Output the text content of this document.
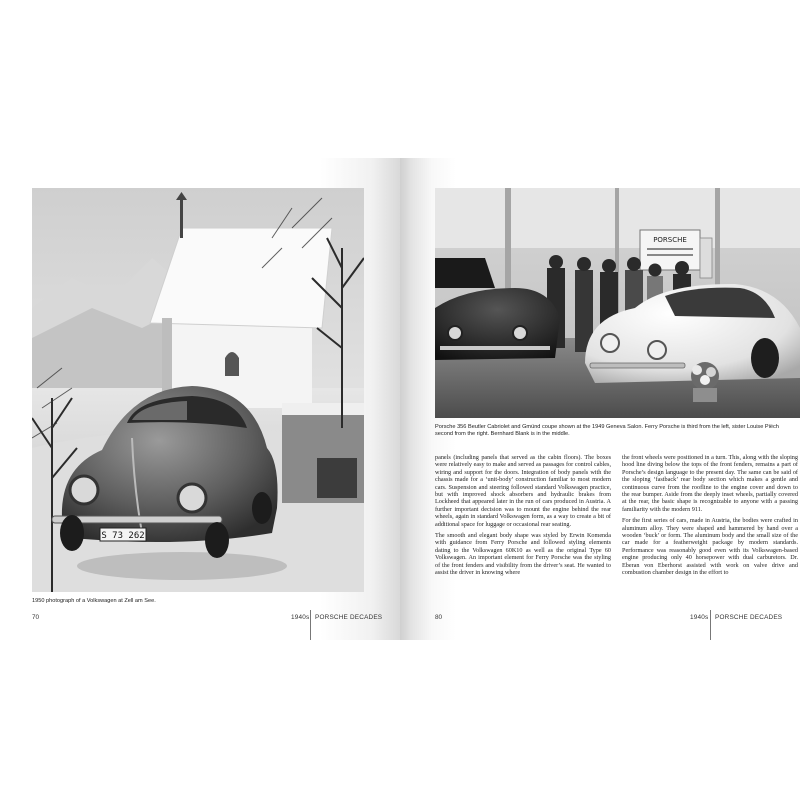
S 73 262
1950 photograph of a Volkswagen at Zell am See.
70	1940s PORSCHE DECADES
PORSCHE
Porsche 356 Beutler Cabriolet and Gmünd coupe shown at the 1949 Geneva Salon. Ferry Porsche is third from the left, sister Louise Piëch second from the right. Bernhard Blank is in the middle.

panels (including panels that served as the cabin floors). The boxes were relatively easy to make and served as passages for control cables, wiring and support for the doors. Integration of body panels with the chassis made for a ‘unit-body’ construction familiar to most modern cars. Suspension and steering followed standard Volkswagen practice, but with improved shock absorbers and hydraulic brakes from Lockheed that appeared later in the run of cars produced in Austria. A further important decision was to mount the engine behind the rear wheels, again in standard Volkswagen form, as a way to create a bit of additional space for luggage or occasional rear seating.

The smooth and elegant body shape was styled by Erwin Komenda with guidance from Ferry Porsche and followed styling elements dating to the Volkswagen 60K10 as well as the original Type 60 Volkswagen. An important element for Ferry Porsche was the styling of the front fenders and visibility from the driver’s seat. He wanted to assist the driver in knowing where

the front wheels were positioned in a turn. This, along with the sloping hood line diving below the tops of the front fenders, remains a part of Porsche’s design language to the present day. The same can be said of the sloping ‘fastback’ rear body section which makes a gentle and continuous curve from the roofline to the engine cover and down to the rear bumper. Aside from the deeply inset wheels, partially covered at the rear, the basic shape is recognizable to anyone with a passing familiarity with the modern 911.

For the first series of cars, made in Austria, the bodies were crafted in aluminum alloy. They were shaped and hammered by hand over a wooden ‘buck’ or form. The aluminum body and the small size of the car made for a featherweight package by modern standards. Performance was reasonably good even with its Volkswagen-based engine producing only 40 horsepower with dual carburetors. Dr. Eberan von Eberhorst assisted with work on valve drive and combustion chamber design in the effort to

80	1940s PORSCHE DECADES
